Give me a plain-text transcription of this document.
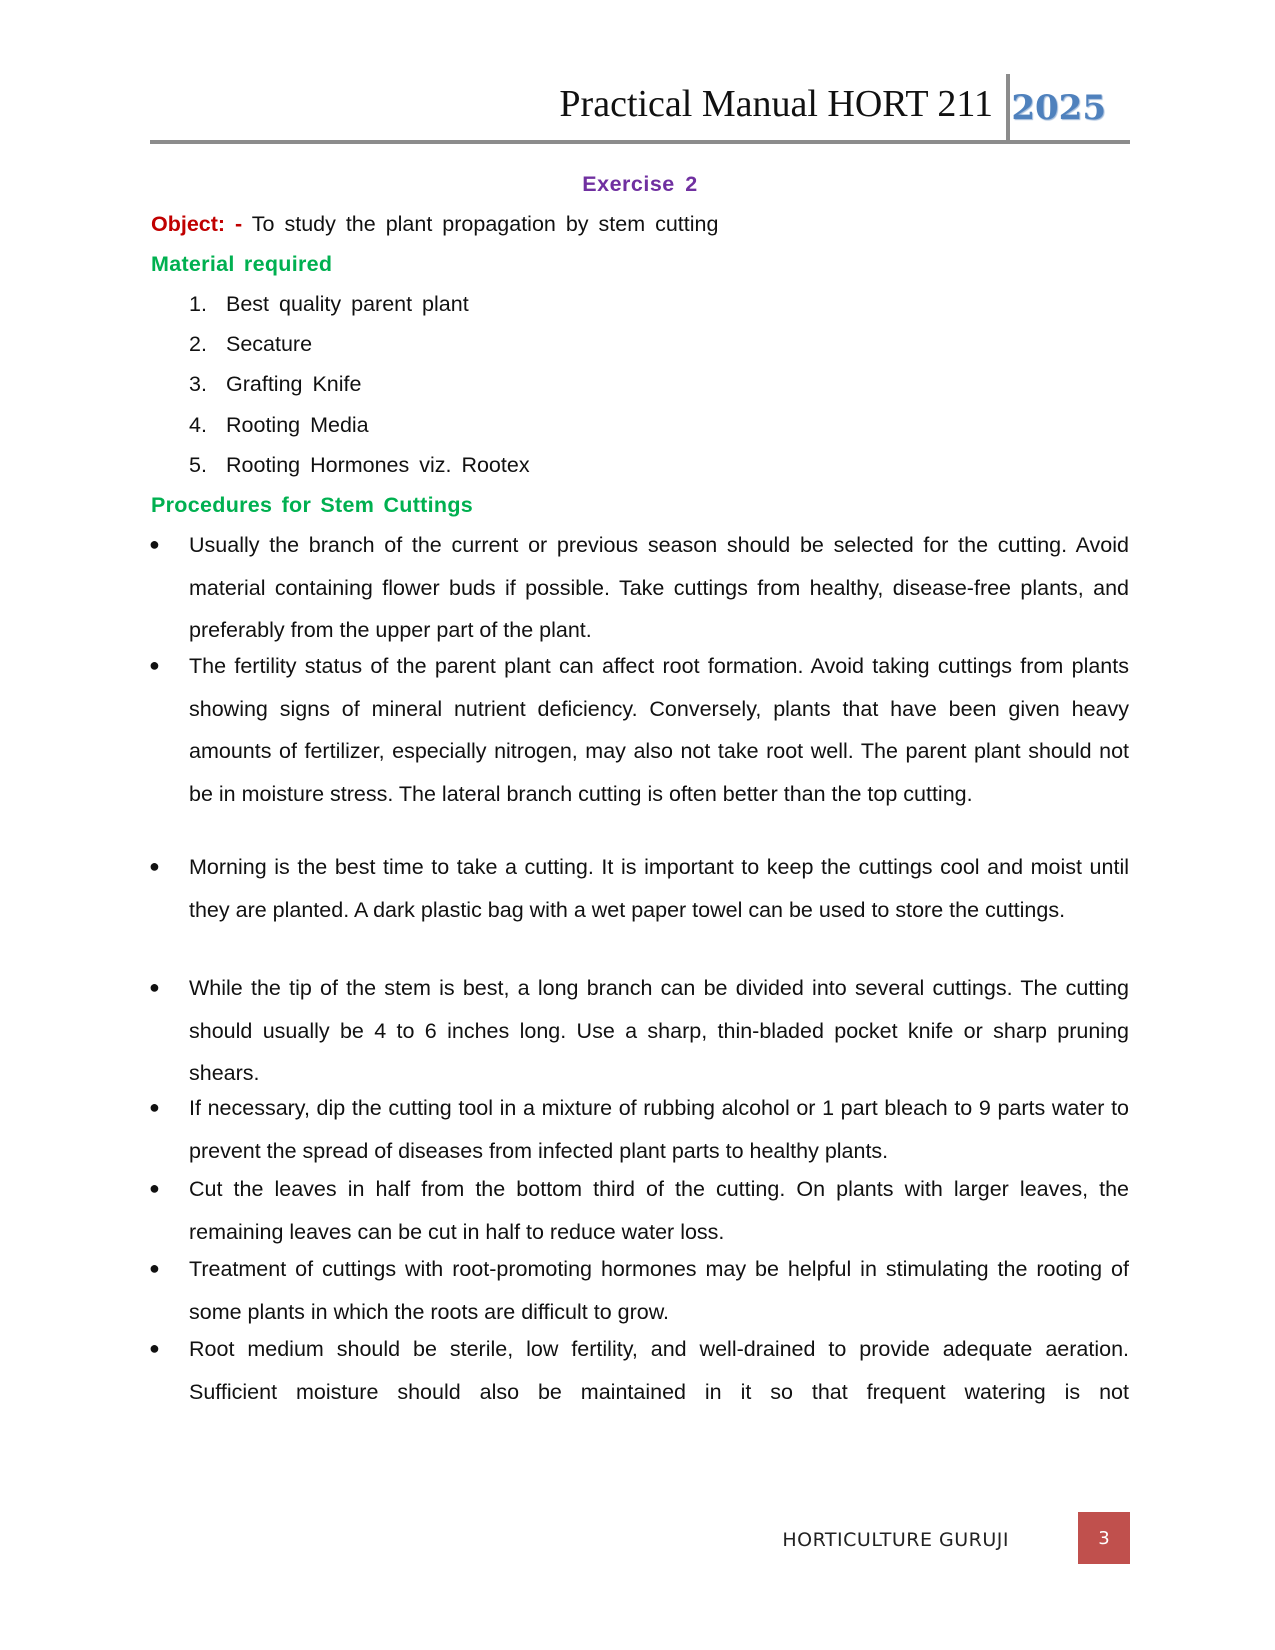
Practical Manual HORT 211 2025
Exercise 2
Object: - To study the plant propagation by stem cutting
Material required
1. Best quality parent plant
2. Secature
3. Grafting Knife
4. Rooting Media
5. Rooting Hormones viz. Rootex
Procedures for Stem Cuttings
● Usually the branch of the current or previous season should be selected for the cutting. Avoid material containing flower buds if possible. Take cuttings from healthy, disease-free plants, and preferably from the upper part of the plant.
● The fertility status of the parent plant can affect root formation. Avoid taking cuttings from plants showing signs of mineral nutrient deficiency. Conversely, plants that have been given heavy amounts of fertilizer, especially nitrogen, may also not take root well. The parent plant should not be in moisture stress. The lateral branch cutting is often better than the top cutting.
● Morning is the best time to take a cutting. It is important to keep the cuttings cool and moist until they are planted. A dark plastic bag with a wet paper towel can be used to store the cuttings.
● While the tip of the stem is best, a long branch can be divided into several cuttings. The cutting should usually be 4 to 6 inches long. Use a sharp, thin-bladed pocket knife or sharp pruning shears.
● If necessary, dip the cutting tool in a mixture of rubbing alcohol or 1 part bleach to 9 parts water to prevent the spread of diseases from infected plant parts to healthy plants.
● Cut the leaves in half from the bottom third of the cutting. On plants with larger leaves, the remaining leaves can be cut in half to reduce water loss.
● Treatment of cuttings with root-promoting hormones may be helpful in stimulating the rooting of some plants in which the roots are difficult to grow.
● Root medium should be sterile, low fertility, and well-drained to provide adequate aeration. Sufficient moisture should also be maintained in it so that frequent watering is not
HORTICULTURE GURUJI	3
